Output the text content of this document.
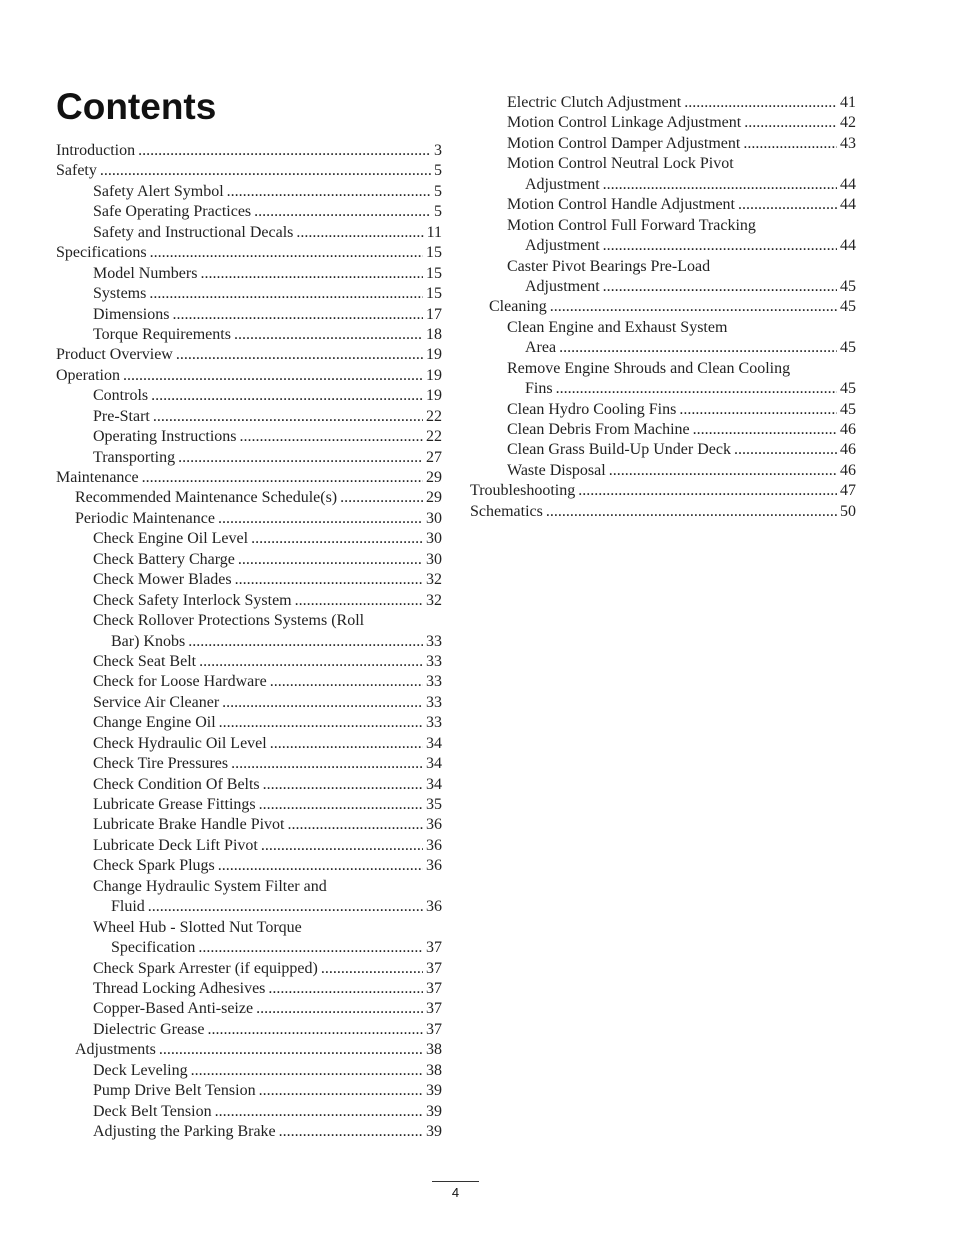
Contents
Introduction .....	3
Safety .....	5
Safety Alert Symbol .....	5
Safe Operating Practices .....	5
Safety and Instructional Decals .....	11
Specifications .....	15
Model Numbers .....	15
Systems .....	15
Dimensions .....	17
Torque Requirements .....	18
Product Overview .....	19
Operation .....	19
Controls .....	19
Pre-Start .....	22
Operating Instructions .....	22
Transporting .....	27
Maintenance .....	29
Recommended Maintenance Schedule(s) .....	29
Periodic Maintenance .....	30
Check Engine Oil Level .....	30
Check Battery Charge .....	30
Check Mower Blades .....	32
Check Safety Interlock System .....	32
Check Rollover Protections Systems (Roll
Bar) Knobs .....	33
Check Seat Belt .....	33
Check for Loose Hardware .....	33
Service Air Cleaner .....	33
Change Engine Oil .....	33
Check Hydraulic Oil Level .....	34
Check Tire Pressures .....	34
Check Condition Of Belts .....	34
Lubricate Grease Fittings .....	35
Lubricate Brake Handle Pivot .....	36
Lubricate Deck Lift Pivot .....	36
Check Spark Plugs .....	36
Change Hydraulic System Filter and
Fluid .....	36
Wheel Hub - Slotted Nut Torque
Specification .....	37
Check Spark Arrester (if equipped) .....	37
Thread Locking Adhesives .....	37
Copper-Based Anti-seize .....	37
Dielectric Grease .....	37
Adjustments .....	38
Deck Leveling .....	38
Pump Drive Belt Tension .....	39
Deck Belt Tension .....	39
Adjusting the Parking Brake .....	39
Electric Clutch Adjustment .....	41
Motion Control Linkage Adjustment .....	42
Motion Control Damper Adjustment .....	43
Motion Control Neutral Lock Pivot
Adjustment .....	44
Motion Control Handle Adjustment .....	44
Motion Control Full Forward Tracking
Adjustment .....	44
Caster Pivot Bearings Pre-Load
Adjustment .....	45
Cleaning .....	45
Clean Engine and Exhaust System
Area .....	45
Remove Engine Shrouds and Clean Cooling
Fins .....	45
Clean Hydro Cooling Fins .....	45
Clean Debris From Machine .....	46
Clean Grass Build-Up Under Deck .....	46
Waste Disposal .....	46
Troubleshooting .....	47
Schematics .....	50
4
